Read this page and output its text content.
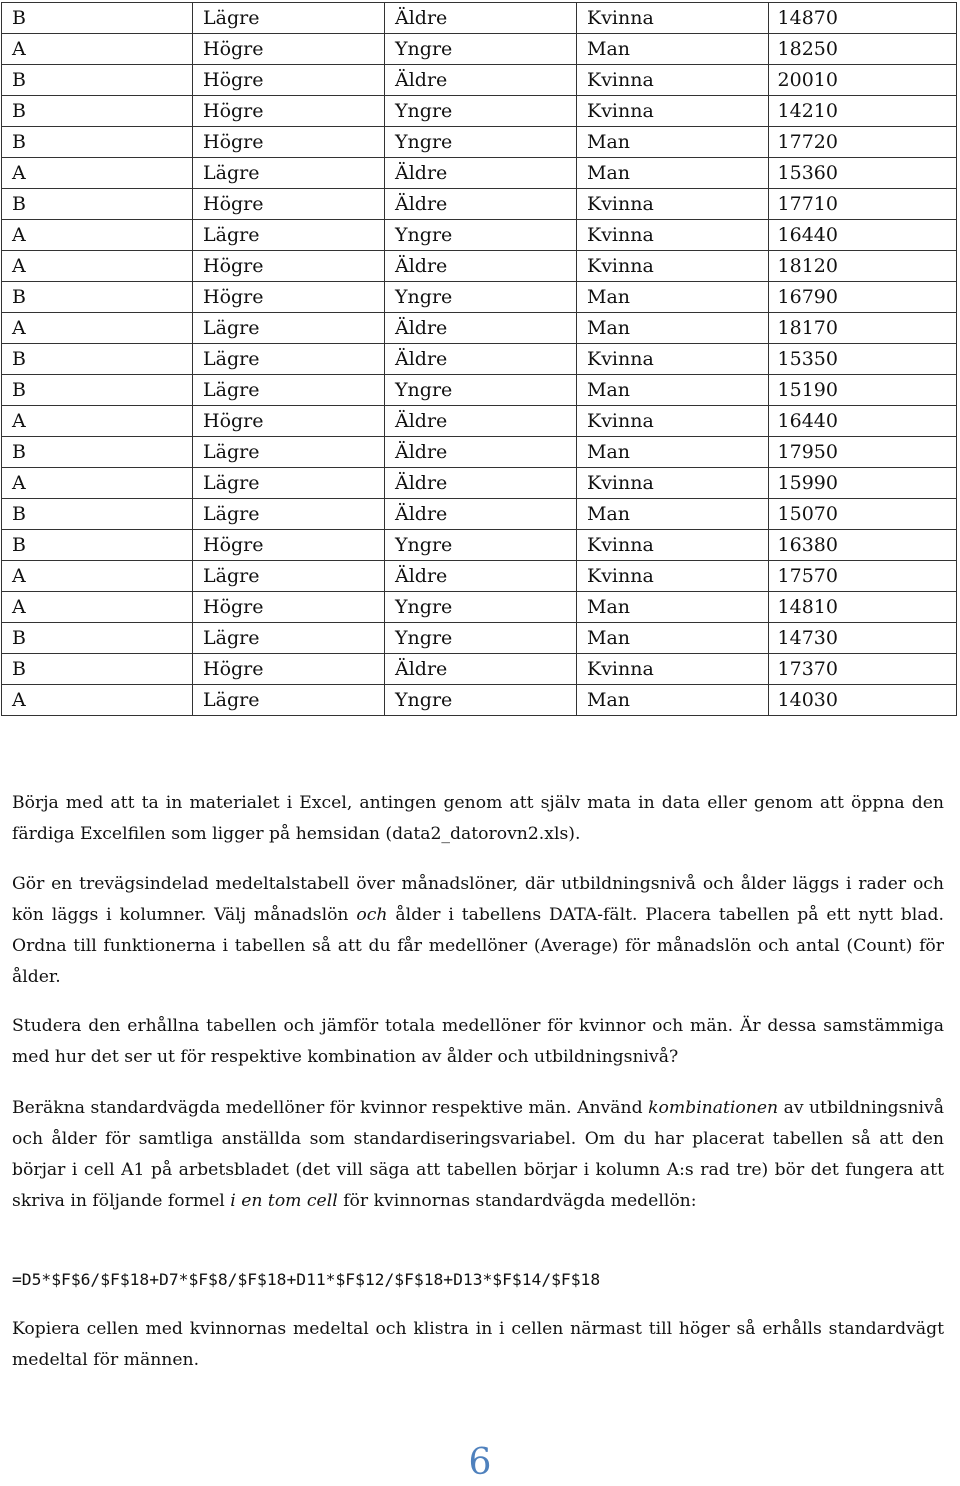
B	Lägre	Äldre	Kvinna	14870
A	Högre	Yngre	Man	18250
B	Högre	Äldre	Kvinna	20010
B	Högre	Yngre	Kvinna	14210
B	Högre	Yngre	Man	17720
A	Lägre	Äldre	Man	15360
B	Högre	Äldre	Kvinna	17710
A	Lägre	Yngre	Kvinna	16440
A	Högre	Äldre	Kvinna	18120
B	Högre	Yngre	Man	16790
A	Lägre	Äldre	Man	18170
B	Lägre	Äldre	Kvinna	15350
B	Lägre	Yngre	Man	15190
A	Högre	Äldre	Kvinna	16440
B	Lägre	Äldre	Man	17950
A	Lägre	Äldre	Kvinna	15990
B	Lägre	Äldre	Man	15070
B	Högre	Yngre	Kvinna	16380
A	Lägre	Äldre	Kvinna	17570
A	Högre	Yngre	Man	14810
B	Lägre	Yngre	Man	14730
B	Högre	Äldre	Kvinna	17370
A	Lägre	Yngre	Man	14030

Börja med att ta in materialet i Excel, antingen genom att själv mata in data eller genom att öppna den färdiga Excelfilen som ligger på hemsidan (data2_datorovn2.xls).

Gör en trevägsindelad medeltalstabell över månadslöner, där utbildningsnivå och ålder läggs i rader och kön läggs i kolumner. Välj månadslön och ålder i tabellens DATA-fält. Placera tabellen på ett nytt blad. Ordna till funktionerna i tabellen så att du får medellöner (Average) för månadslön och antal (Count) för ålder.

Studera den erhållna tabellen och jämför totala medellöner för kvinnor och män. Är dessa samstämmiga med hur det ser ut för respektive kombination av ålder och utbildningsnivå?

Beräkna standardvägda medellöner för kvinnor respektive män. Använd kombinationen av utbildningsnivå och ålder för samtliga anställda som standardiseringsvariabel. Om du har placerat tabellen så att den börjar i cell A1 på arbetsbladet (det vill säga att tabellen börjar i kolumn A:s rad tre) bör det fungera att skriva in följande formel i en tom cell för kvinnornas standardvägda medellön:

=D5*$F$6/$F$18+D7*$F$8/$F$18+D11*$F$12/$F$18+D13*$F$14/$F$18

Kopiera cellen med kvinnornas medeltal och klistra in i cellen närmast till höger så erhålls standardvägt medeltal för männen.

6
